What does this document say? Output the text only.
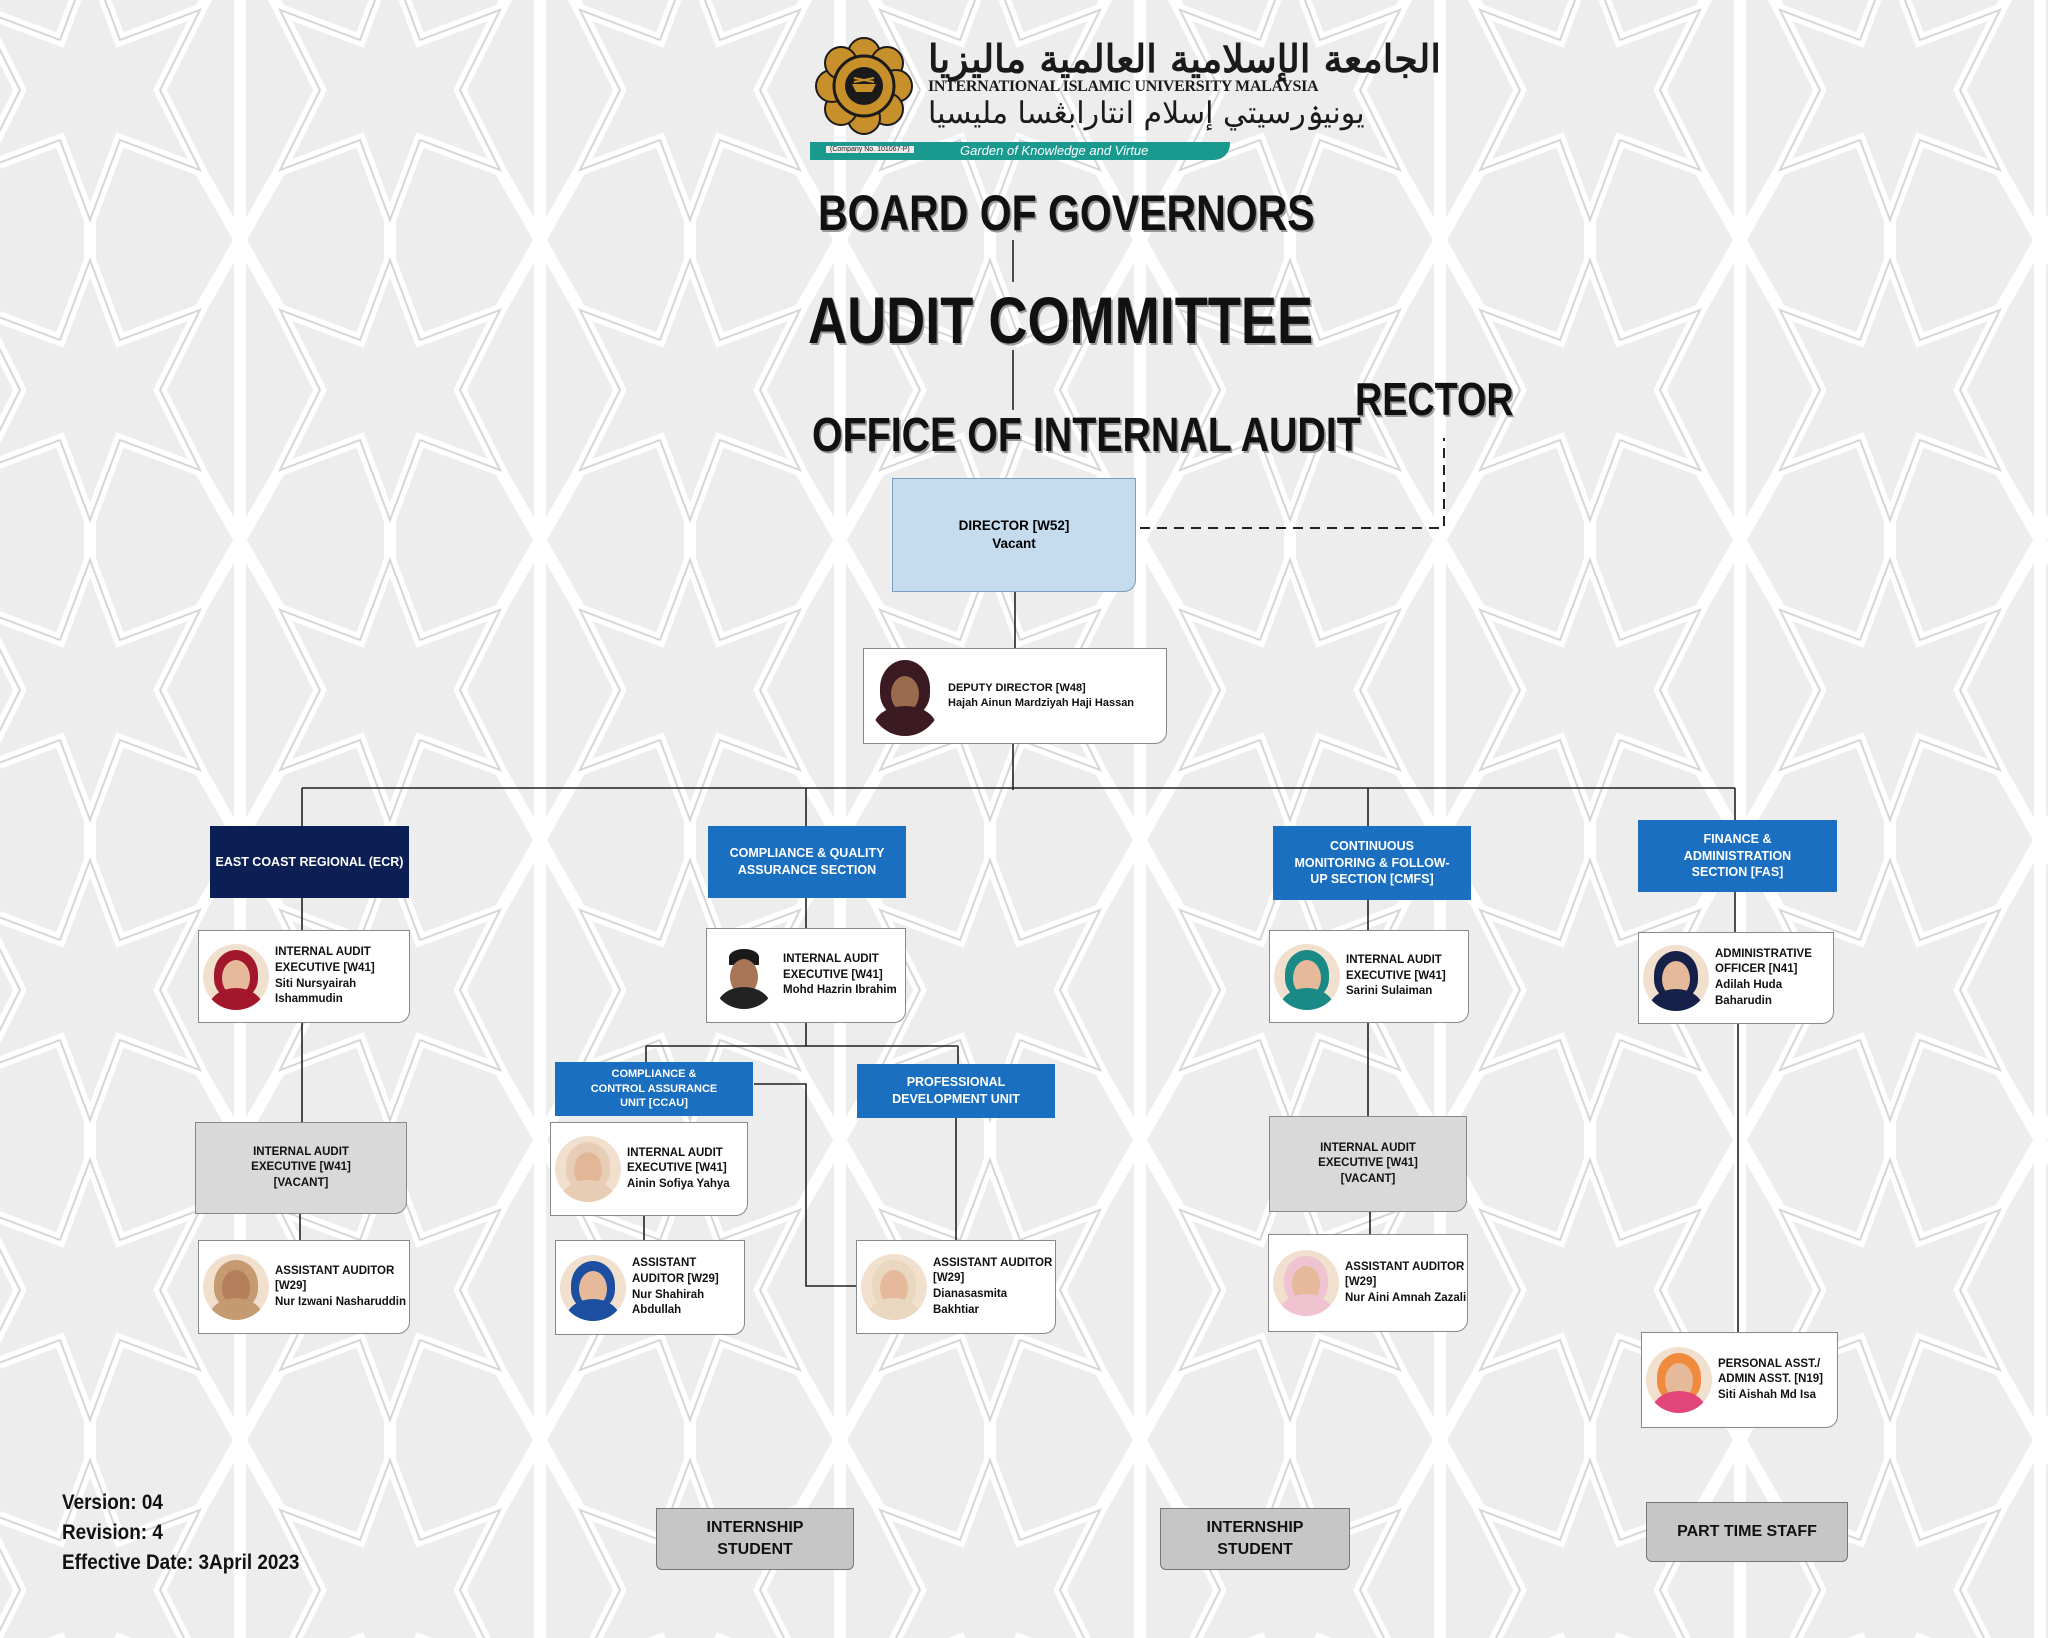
الجامعة الإسلامية العالمية ماليزيا
INTERNATIONAL ISLAMIC UNIVERSITY MALAYSIA
يونيۏرسيتي إسلام انتارابڠسا مليسيا
(Company No. 101067-P)	Garden of Knowledge and Virtue
BOARD OF GOVERNORS
AUDIT COMMITTEE
OFFICE OF INTERNAL AUDIT
RECTOR
DIRECTOR [W52]
Vacant
DEPUTY DIRECTOR [W48]
Hajah Ainun Mardziyah Haji Hassan
EAST COAST REGIONAL (ECR)
COMPLIANCE & QUALITY ASSURANCE SECTION
CONTINUOUS MONITORING & FOLLOW-UP SECTION [CMFS]
FINANCE & ADMINISTRATION SECTION [FAS]
COMPLIANCE & CONTROL ASSURANCE UNIT [CCAU]
PROFESSIONAL DEVELOPMENT UNIT
INTERNAL AUDIT EXECUTIVE [W41]
Siti Nursyairah Ishammudin
INTERNAL AUDIT EXECUTIVE [W41] [VACANT]
ASSISTANT AUDITOR [W29]
Nur Izwani Nasharuddin
INTERNAL AUDIT EXECUTIVE [W41]
Mohd Hazrin Ibrahim
INTERNAL AUDIT EXECUTIVE [W41]
Ainin Sofiya Yahya
ASSISTANT AUDITOR [W29]
Nur Shahirah Abdullah
ASSISTANT AUDITOR [W29]
Dianasasmita Bakhtiar
INTERNAL AUDIT EXECUTIVE [W41]
Sarini Sulaiman
INTERNAL AUDIT EXECUTIVE [W41] [VACANT]
ASSISTANT AUDITOR [W29]
Nur Aini Amnah Zazali
ADMINISTRATIVE OFFICER [N41]
Adilah Huda Baharudin
PERSONAL ASST./ ADMIN ASST. [N19]
Siti Aishah Md Isa
INTERNSHIP STUDENT
INTERNSHIP STUDENT
PART TIME STAFF
Version: 04
Revision: 4
Effective Date: 3April 2023
